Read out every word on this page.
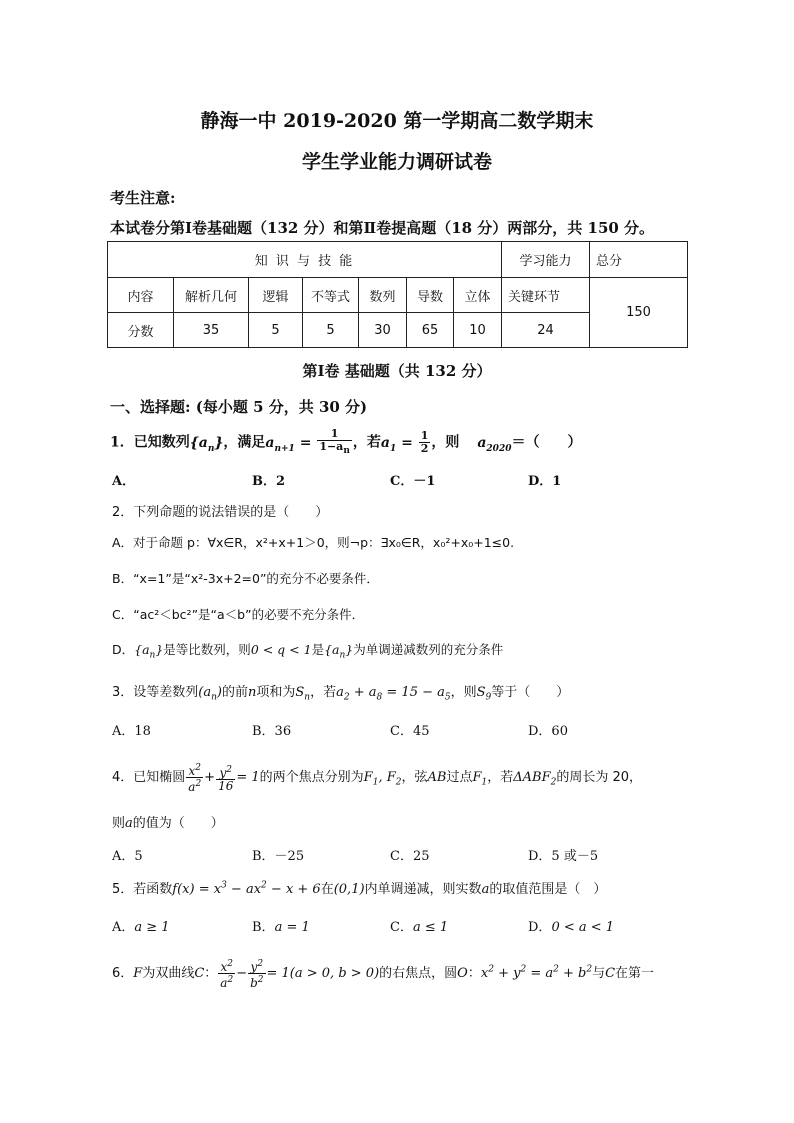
静海一中 2019-2020 第一学期高二数学期末
学生学业能力调研试卷
考生注意:
本试卷分第Ⅰ卷基础题（132 分）和第Ⅱ卷提高题（18 分）两部分，共 150 分。
知 识 与 技 能							学习能力	总分
内容	解析几何	逻辑	不等式	数列	导数	立体	关键环节	150
分数	35	5	5	30	65	10	24	
第Ⅰ卷 基础题（共 132 分）
一、选择题: (每小题 5 分，共 30 分)
1．已知数列$\{a_n\}$，满足$a_{n+1} = \frac{1}{1-a_n}$ ，若$a_1 = \frac{1}{2}$ ，则 $a_{2020}=$（　　）
A．	B．2	C．－1	D．1
2．下列命题的说法错误的是（　　）
A．对于命题 p：∀x∈R，x²+x+1＞0，则¬p：∃x₀∈R，x₀²+x₀+1≤0.
B．“x=1”是“x²-3x+2=0”的充分不必要条件．
C．“ac²＜bc²”是“a＜b”的必要不充分条件．
D．$\{a_n\}$是等比数列，则0 < q < 1是$\{a_n\}$为单调递减数列的充分条件
3．设等差数列$(a_n)$的前n项和为$S_n$，若$a_2 + a_8 = 15 - a_5$，则$S_9$等于（　　）
A．18	B．36	C．45	D．60
4．已知椭圆 $\frac{x^2}{a^2} + \frac{y^2}{16} = 1$的两个焦点分别为$F_1$, $F_2$，弦AB过点$F_1$，若$\Delta ABF_2$的周长为 20，
则a的值为（　　）
A．5	B．－25	C．25	D．5 或－5
5．若函数$f(x) = x^3 - ax^2 - x + 6$在(0,1)内单调递减，则实数a的取值范围是（　）
A．a ≥ 1	B．a = 1	C．a ≤ 1	D．0 < a < 1
6．F为双曲线C： $\frac{x^2}{a^2} - \frac{y^2}{b^2} = 1(a > 0$, b > 0)的右焦点，圆O：$x^2 + y^2 = a^2 + b^2$与C在第一
